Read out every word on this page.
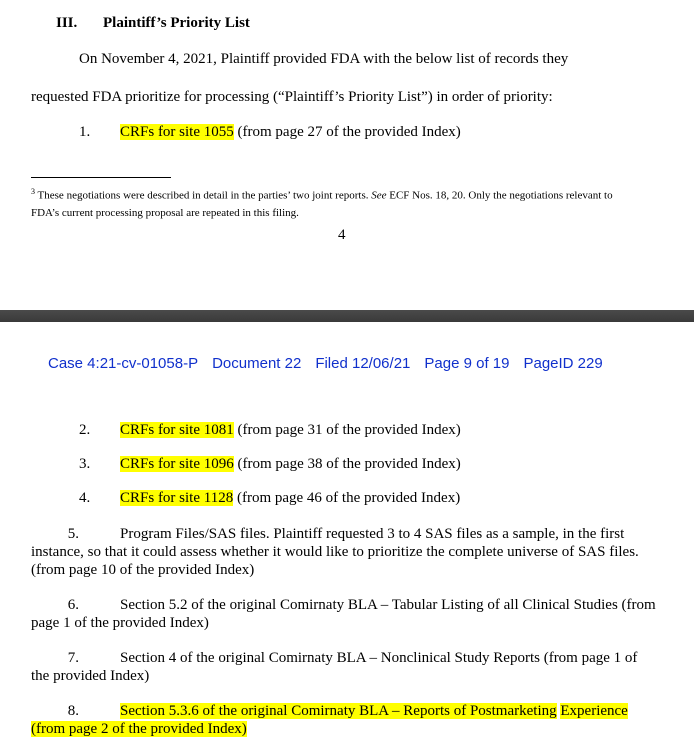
III. Plaintiff’s Priority List
On November 4, 2021, Plaintiff provided FDA with the below list of records they
requested FDA prioritize for processing (“Plaintiff’s Priority List”) in order of priority:
1. CRFs for site 1055 (from page 27 of the provided Index)
$^3$ These negotiations were described in detail in the parties’ two joint reports. See ECF Nos. 18, 20. Only the negotiations relevant to FDA’s current processing proposal are repeated in this filing.
4
Case 4:21-cv-01058-P Document 22 Filed 12/06/21 Page 9 of 19 PageID 229
2. CRFs for site 1081 (from page 31 of the provided Index)
3. CRFs for site 1096 (from page 38 of the provided Index)
4. CRFs for site 1128 (from page 46 of the provided Index)
5.	Program Files/SAS files. Plaintiff requested 3 to 4 SAS files as a sample, in the first instance, so that it could assess whether it would like to prioritize the complete universe of SAS files. (from page 10 of the provided Index)
6.	Section 5.2 of the original Comirnaty BLA – Tabular Listing of all Clinical Studies (from page 1 of the provided Index)
7.	Section 4 of the original Comirnaty BLA – Nonclinical Study Reports (from page 1 of the provided Index)
8.	Section 5.3.6 of the original Comirnaty BLA – Reports of Postmarketing Experience (from page 2 of the provided Index)
